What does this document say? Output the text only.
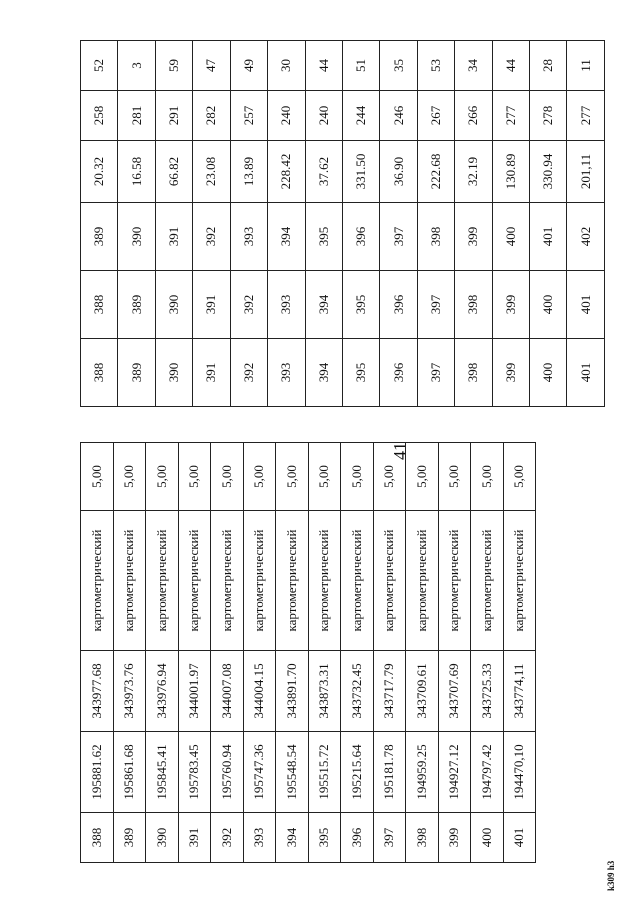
41
388	195881.62	343977.68	картометрический	5,00
389	195861.68	343973.76	картометрический	5,00
390	195845.41	343976.94	картометрический	5,00
391	195783.45	344001.97	картометрический	5,00
392	195760.94	344007.08	картометрический	5,00
393	195747.36	344004.15	картометрический	5,00
394	195548.54	343891.70	картометрический	5,00
395	195515.72	343873.31	картометрический	5,00
396	195215.64	343732.45	картометрический	5,00
397	195181.78	343717.79	картометрический	5,00
398	194959.25	343709.61	картометрический	5,00
399	194927.12	343707.69	картометрический	5,00
400	194797.42	343725.33	картометрический	5,00
401	194470,10	343774,11	картометрический	5,00
388	388	389	20.32	258	52
389	389	390	16.58	281	3
390	390	391	66.82	291	59
391	391	392	23.08	282	47
392	392	393	13.89	257	49
393	393	394	228.42	240	30
394	394	395	37.62	240	44
395	395	396	331.50	244	51
396	396	397	36.90	246	35
397	397	398	222.68	267	53
398	398	399	32.19	266	34
399	399	400	130.89	277	44
400	400	401	330.94	278	28
401	401	402	201,11	277	11
k309 h3
